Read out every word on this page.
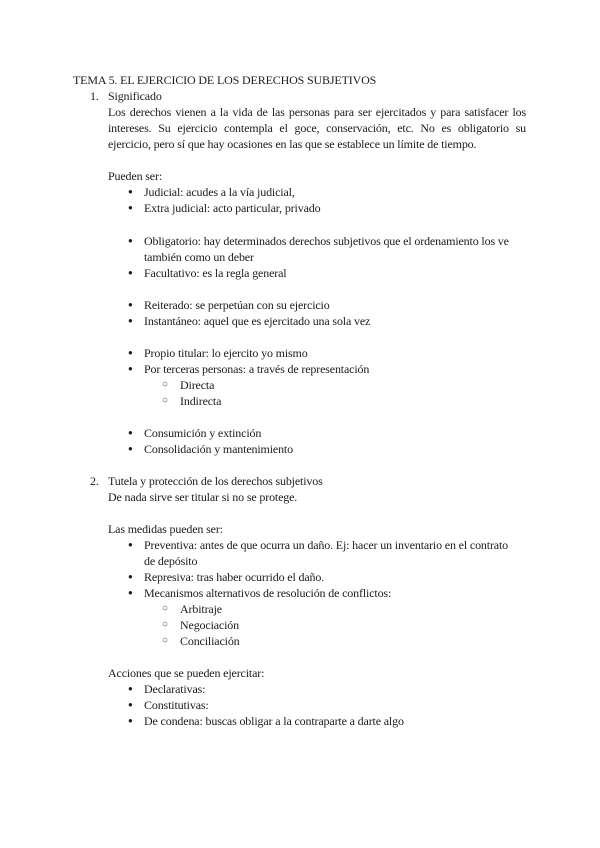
TEMA 5. EL EJERCICIO DE LOS DERECHOS SUBJETIVOS
1. Significado
Los derechos vienen a la vida de las personas para ser ejercitados y para satisfacer los
intereses. Su ejercicio contempla el goce, conservación, etc. No es obligatorio su
ejercicio, pero sí que hay ocasiones en las que se establece un límite de tiempo.
Pueden ser:
● Judicial: acudes a la vía judicial,
● Extra judicial: acto particular, privado
● Obligatorio: hay determinados derechos subjetivos que el ordenamiento los ve
también como un deber
● Facultativo: es la regla general
● Reiterado: se perpetúan con su ejercicio
● Instantáneo: aquel que es ejercitado una sola vez
● Propio titular: lo ejercito yo mismo
● Por terceras personas: a través de representación
○ Directa
○ Indirecta
● Consumición y extinción
● Consolidación y mantenimiento
2. Tutela y protección de los derechos subjetivos
De nada sirve ser titular si no se protege.
Las medidas pueden ser:
● Preventiva: antes de que ocurra un daño. Ej: hacer un inventario en el contrato
de depósito
● Represiva: tras haber ocurrido el daño.
● Mecanismos alternativos de resolución de conflictos:
○ Arbitraje
○ Negociación
○ Conciliación
Acciones que se pueden ejercitar:
● Declarativas:
● Constitutivas:
● De condena: buscas obligar a la contraparte a darte algo
